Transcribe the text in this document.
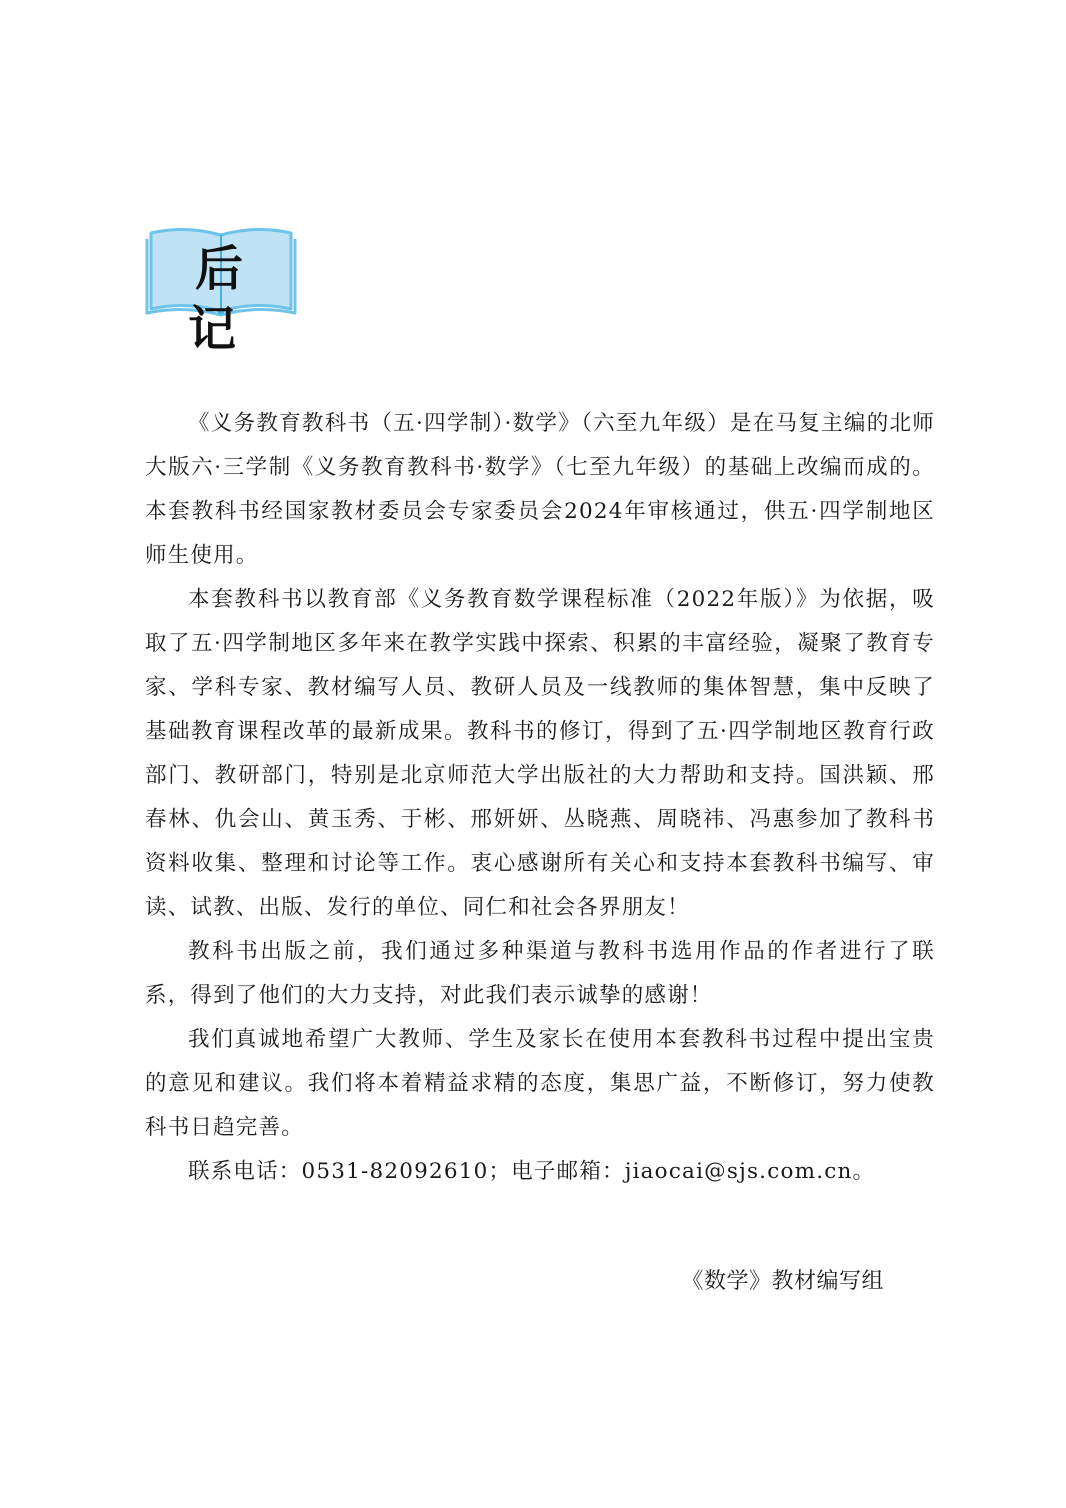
后 记

《义务教育教科书（五·四学制）·数学》（六至九年级）是在马复主编的北师大版六·三学制《义务教育教科书·数学》（七至九年级）的基础上改编而成的。本套教科书经国家教材委员会专家委员会2024年审核通过，供五·四学制地区师生使用。

本套教科书以教育部《义务教育数学课程标准（2022年版）》为依据，吸取了五·四学制地区多年来在教学实践中探索、积累的丰富经验，凝聚了教育专家、学科专家、教材编写人员、教研人员及一线教师的集体智慧，集中反映了基础教育课程改革的最新成果。教科书的修订，得到了五·四学制地区教育行政部门、教研部门，特别是北京师范大学出版社的大力帮助和支持。国洪颖、邢春林、仇会山、黄玉秀、于彬、邢妍妍、丛晓燕、周晓祎、冯惠参加了教科书资料收集、整理和讨论等工作。衷心感谢所有关心和支持本套教科书编写、审读、试教、出版、发行的单位、同仁和社会各界朋友！

教科书出版之前，我们通过多种渠道与教科书选用作品的作者进行了联系，得到了他们的大力支持，对此我们表示诚挚的感谢！

我们真诚地希望广大教师、学生及家长在使用本套教科书过程中提出宝贵的意见和建议。我们将本着精益求精的态度，集思广益，不断修订，努力使教科书日趋完善。

联系电话：0531-82092610；电子邮箱：jiaocai@sjs.com.cn。

《数学》教材编写组
